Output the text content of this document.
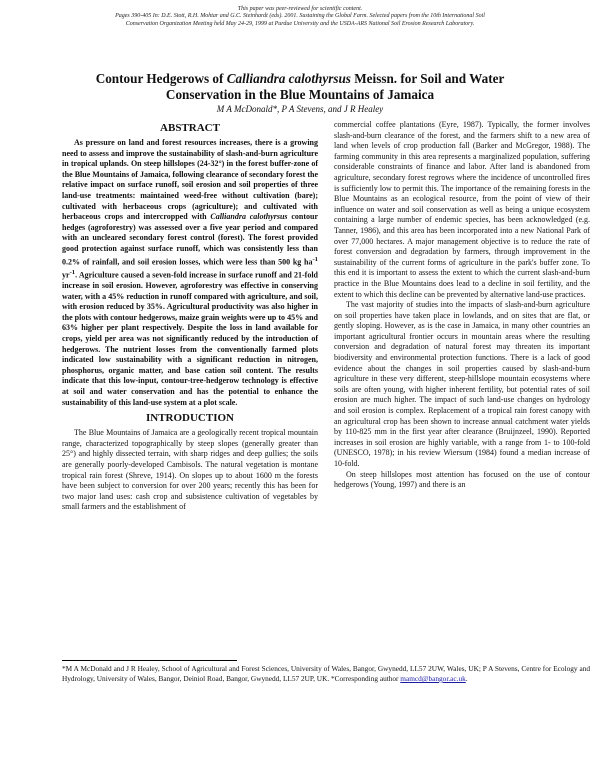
This paper was peer-reviewed for scientific content.
Pages 390-405 In: D.E. Stott, R.H. Mohtar and G.C. Steinhardt (eds). 2001. Sustaining the Global Farm. Selected papers from the 10th International Soil
Conservation Organization Meeting held May 24-29, 1999 at Purdue University and the USDA-ARS National Soil Erosion Research Laboratory.
Contour Hedgerows of Calliandra calothyrsus Meissn. for Soil and Water
Conservation in the Blue Mountains of Jamaica
M A McDonald*, P A Stevens, and J R Healey
ABSTRACT

As pressure on land and forest resources increases, there is a growing need to assess and improve the sustainability of slash-and-burn agriculture in tropical uplands. On steep hillslopes (24-32°) in the forest buffer-zone of the Blue Mountains of Jamaica, following clearance of secondary forest the relative impact on surface runoff, soil erosion and soil properties of three land-use treatments: maintained weed-free without cultivation (bare); cultivated with herbaceous crops (agriculture); and cultivated with herbaceous crops and intercropped with Calliandra calothyrsus contour hedges (agroforestry) was assessed over a five year period and compared with an uncleared secondary forest control (forest). The forest provided good protection against surface runoff, which was consistently less than 0.2% of rainfall, and soil erosion losses, which were less than 500 kg $ha^{-1}$ $yr^{-1}$. Agriculture caused a seven-fold increase in surface runoff and 21-fold increase in soil erosion. However, agroforestry was effective in conserving water, with a 45% reduction in runoff compared with agriculture, and soil, with erosion reduced by 35%. Agricultural productivity was also higher in the plots with contour hedgerows, maize grain weights were up to 45% and 63% higher per plant respectively. Despite the loss in land available for crops, yield per area was not significantly reduced by the introduction of hedgerows. The nutrient losses from the conventionally farmed plots indicated low sustainability with a significant reduction in nitrogen, phosphorus, organic matter, and base cation soil content. The results indicate that this low-input, contour-tree-hedgerow technology is effective at soil and water conservation and has the potential to enhance the sustainability of this land-use system at a plot scale.

INTRODUCTION

The Blue Mountains of Jamaica are a geologically recent tropical mountain range, characterized topographically by steep slopes (generally greater than 25°) and highly dissected terrain, with sharp ridges and deep gullies; the soils are generally poorly-developed Cambisols. The natural vegetation is montane tropical rain forest (Shreve, 1914). On slopes up to about 1600 m the forests have been subject to conversion for over 200 years; recently this has been for two major land uses: cash crop and subsistence cultivation of vegetables by small farmers and the establishment of

commercial coffee plantations (Eyre, 1987). Typically, the former involves slash-and-burn clearance of the forest, and the farmers shift to a new area of land when levels of crop production fall (Barker and McGregor, 1988). The farming community in this area represents a marginalized population, suffering considerable constraints of finance and labor. After land is abandoned from agriculture, secondary forest regrows where the incidence of uncontrolled fires is sufficiently low to permit this. The importance of the remaining forests in the Blue Mountains as an ecological resource, from the point of view of their influence on water and soil conservation as well as being a unique ecosystem containing a large number of endemic species, has been acknowledged (e.g. Tanner, 1986), and this area has been incorporated into a new National Park of over 77,000 hectares. A major management objective is to reduce the rate of forest conversion and degradation by farmers, through improvement in the sustainability of the current forms of agriculture in the park's buffer zone. To this end it is important to assess the extent to which the current slash-and-burn practice in the Blue Mountains does lead to a decline in soil fertility, and the extent to which this decline can be prevented by alternative land-use practices.

The vast majority of studies into the impacts of slash-and-burn agriculture on soil properties have taken place in lowlands, and on sites that are flat, or gently sloping. However, as is the case in Jamaica, in many other countries an important agricultural frontier occurs in mountain areas where the resulting conversion and degradation of natural forest may threaten its important biodiversity and environmental protection functions. There is a lack of good evidence about the changes in soil properties caused by slash-and-burn agriculture in these very different, steep-hillslope mountain ecosystems where soils are often young, with higher inherent fertility, but potential rates of soil erosion are much higher. The impact of such land-use changes on hydrology and soil erosion is complex. Replacement of a tropical rain forest canopy with an agricultural crop has been shown to increase annual catchment water yields by 110-825 mm in the first year after clearance (Bruijnzeel, 1990). Reported increases in soil erosion are highly variable, with a range from 1- to 100-fold (UNESCO, 1978); in his review Wiersum (1984) found a median increase of 10-fold.

On steep hillslopes most attention has focused on the use of contour hedgerows (Young, 1997) and there is an

*M A McDonald and J R Healey, School of Agricultural and Forest Sciences, University of Wales, Bangor, Gwynedd, LL57 2UW, Wales, UK; P A Stevens, Centre for Ecology and Hydrology, University of Wales, Bangor, Deiniol Road, Bangor, Gwynedd, LL57 2UP, UK. *Corresponding author mamcd@bangor.ac.uk.
